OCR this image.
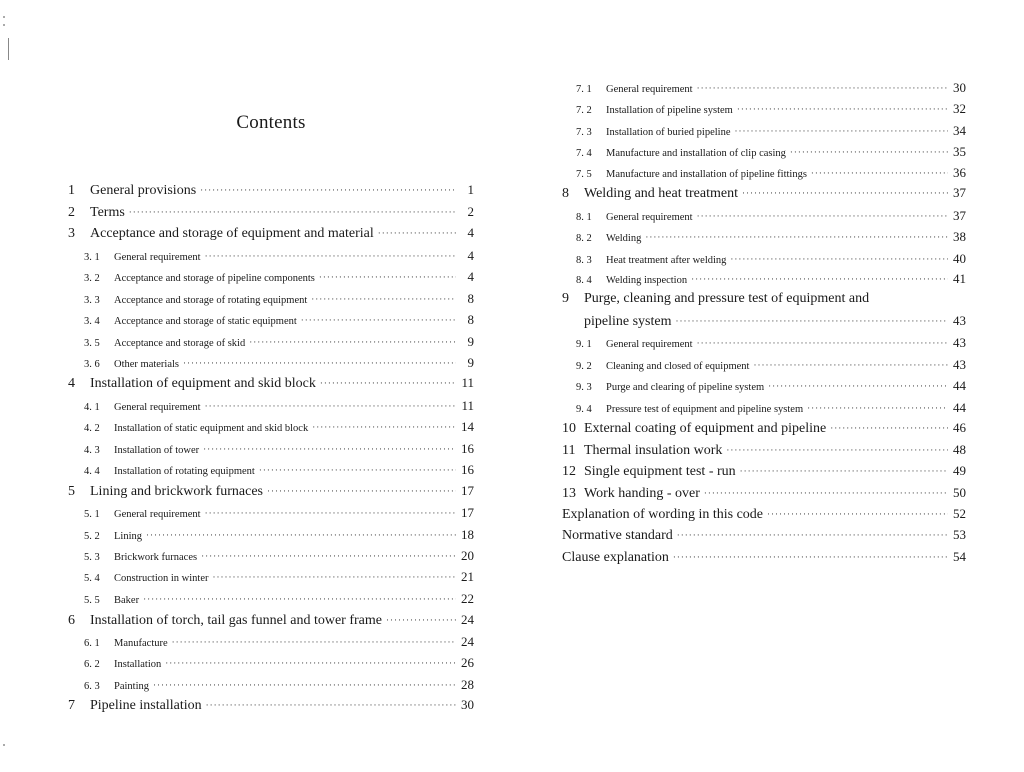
Contents
1	General provisions ·····	1
2	Terms ·····	2
3	Acceptance and storage of equipment and material ·····	4
3. 1	General requirement ·····	4
3. 2	Acceptance and storage of pipeline components ·····	4
3. 3	Acceptance and storage of rotating equipment ·····	8
3. 4	Acceptance and storage of static equipment ·····	8
3. 5	Acceptance and storage of skid ·····	9
3. 6	Other materials ·····	9
4	Installation of equipment and skid block ·····	11
4. 1	General requirement ·····	11
4. 2	Installation of static equipment and skid block ·····	14
4. 3	Installation of tower ·····	16
4. 4	Installation of rotating equipment ·····	16
5	Lining and brickwork furnaces ·····	17
5. 1	General requirement ·····	17
5. 2	Lining ·····	18
5. 3	Brickwork furnaces ·····	20
5. 4	Construction in winter ·····	21
5. 5	Baker ·····	22
6	Installation of torch, tail gas funnel and tower frame ·····	24
6. 1	Manufacture ·····	24
6. 2	Installation ·····	26
6. 3	Painting ·····	28
7	Pipeline installation ·····	30
7. 1	General requirement ·····	30
7. 2	Installation of pipeline system ·····	32
7. 3	Installation of buried pipeline ·····	34
7. 4	Manufacture and installation of clip casing ·····	35
7. 5	Manufacture and installation of pipeline fittings ·····	36
8	Welding and heat treatment ·····	37
8. 1	General requirement ·····	37
8. 2	Welding ·····	38
8. 3	Heat treatment after welding ·····	40
8. 4	Welding inspection ·····	41
9	Purge, cleaning and pressure test of equipment and
pipeline system ·····	43
9. 1	General requirement ·····	43
9. 2	Cleaning and closed of equipment ·····	43
9. 3	Purge and clearing of pipeline system ·····	44
9. 4	Pressure test of equipment and pipeline system ·····	44
10 External coating of equipment and pipeline ·····	46
11 Thermal insulation work ·····	48
12 Single equipment test - run ·····	49
13 Work handing - over ·····	50
Explanation of wording in this code ·····	52
Normative standard ·····	53
Clause explanation ·····	54
